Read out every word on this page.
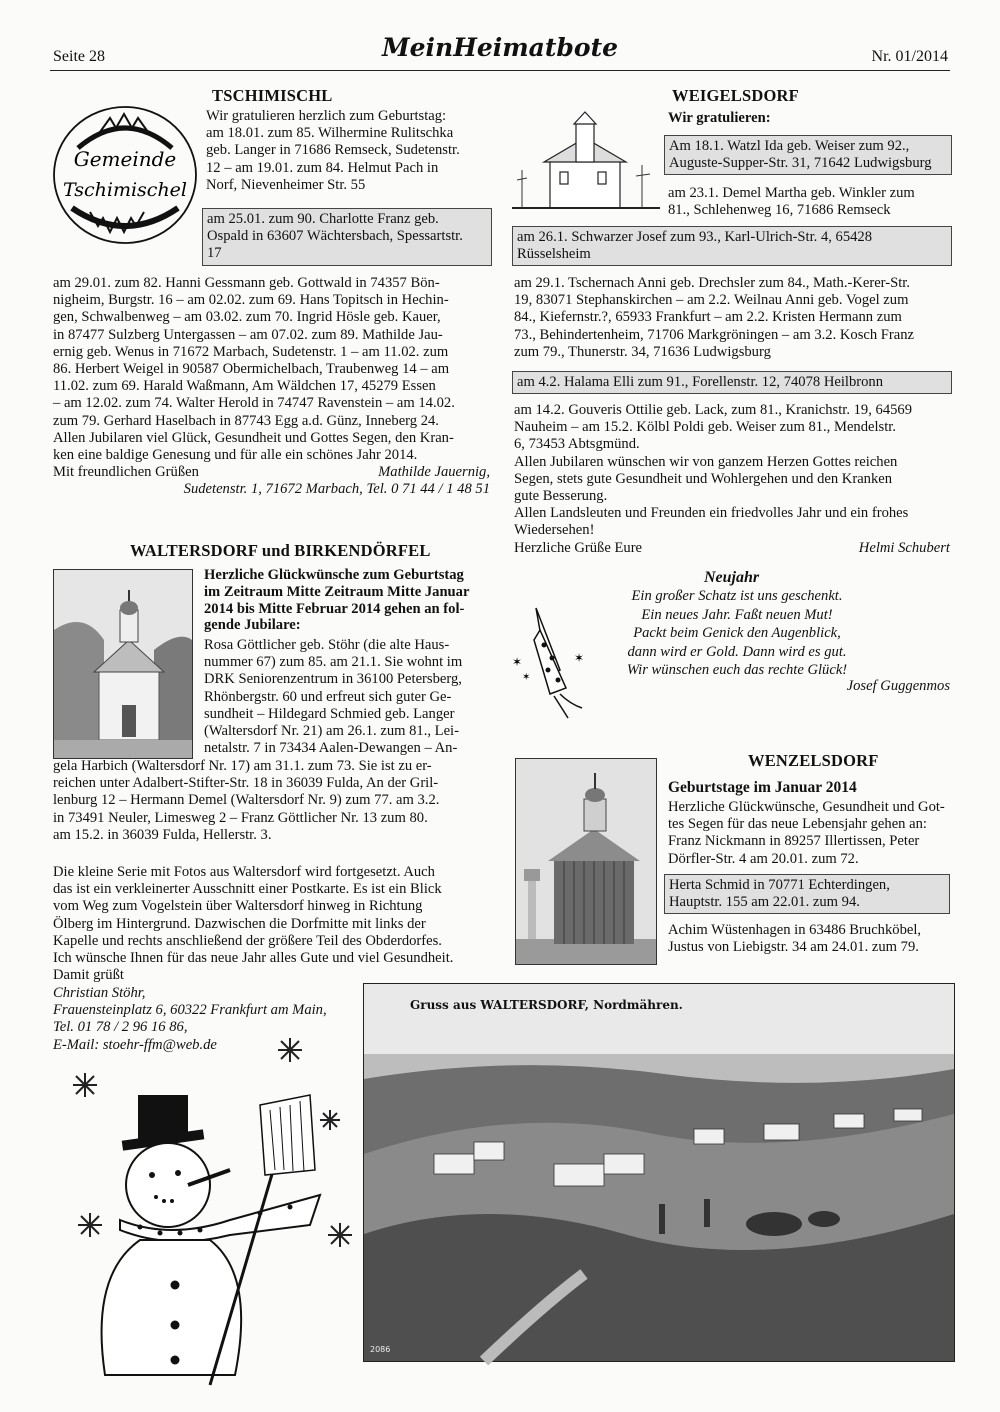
Seite 28	MeinHeimatbote	Nr. 01/2014
TSCHIMISCHL
Gemeinde
Tschimischel

Wir gratulieren herzlich zum Geburtstag:

am 18.01. zum 85. Wilhermine Rulitschka

geb. Langer in 71686 Remseck, Sudetenstr.

12 – am 19.01. zum 84. Helmut Pach in

Norf, Nievenheimer Str. 55

am 25.01. zum 90. Charlotte Franz geb.

Ospald in 63607 Wächtersbach, Spessartstr.

17

am 29.01. zum 82. Hanni Gessmann geb. Gottwald in 74357 Bön-

nigheim, Burgstr. 16 – am 02.02. zum 69. Hans Topitsch in Hechin-

gen, Schwalbenweg – am 03.02. zum 70. Ingrid Hösle geb. Kauer,

in 87477 Sulzberg Untergassen – am 07.02. zum 89. Mathilde Jau-

ernig geb. Wenus in 71672 Marbach, Sudetenstr. 1 – am 11.02. zum

86. Herbert Weigel in 90587 Obermichelbach, Traubenweg 14 – am

11.02. zum 69. Harald Waßmann, Am Wäldchen 17, 45279 Essen

– am 12.02. zum 74. Walter Herold in 74747 Ravenstein – am 14.02.

zum 79. Gerhard Haselbach in 87743 Egg a.d. Günz, Inneberg 24.

Allen Jubilaren viel Glück, Gesundheit und Gottes Segen, den Kran-

ken eine baldige Genesung und für alle ein schönes Jahr 2014.

Mit freundlichen Grüßen	Mathilde Jauernig,

Sudetenstr. 1, 71672 Marbach, Tel. 0 71 44 / 1 48 51

WALTERSDORF und BIRKENDÖRFEL

Herzliche Glückwünsche zum Geburtstag

im Zeitraum Mitte Zeitraum Mitte Januar

2014 bis Mitte Februar 2014 gehen an fol-

gende Jubilare:

Rosa Göttlicher geb. Stöhr (die alte Haus-

nummer 67) zum 85. am 21.1. Sie wohnt im

DRK Seniorenzentrum in 36100 Petersberg,

Rhönbergstr. 60 und erfreut sich guter Ge-

sundheit – Hildegard Schmied geb. Langer

(Waltersdorf Nr. 21) am 26.1. zum 81., Lei-

netalstr. 7 in 73434 Aalen-Dewangen – An-

gela Harbich (Waltersdorf Nr. 17) am 31.1. zum 73. Sie ist zu er-

reichen unter Adalbert-Stifter-Str. 18 in 36039 Fulda, An der Gril-

lenburg 12 – Hermann Demel (Waltersdorf Nr. 9) zum 77. am 3.2.

in 73491 Neuler, Limesweg 2 – Franz Göttlicher Nr. 13 zum 80.

am 15.2. in 36039 Fulda, Hellerstr. 3.

Die kleine Serie mit Fotos aus Waltersdorf wird fortgesetzt. Auch

das ist ein verkleinerter Ausschnitt einer Postkarte. Es ist ein Blick

vom Weg zum Vogelstein über Waltersdorf hinweg in Richtung

Ölberg im Hintergrund. Dazwischen die Dorfmitte mit links der

Kapelle und rechts anschließend der größere Teil des Obderdorfes.

Ich wünsche Ihnen für das neue Jahr alles Gute und viel Gesundheit.

Damit grüßt

Christian Stöhr,

Frauensteinplatz 6, 60322 Frankfurt am Main,

Tel. 01 78 / 2 96 16 86,

E-Mail: stoehr-ffm@web.de

WEIGELSDORF
Wir gratulieren:

Am 18.1. Watzl Ida geb. Weiser zum 92.,

Auguste-Supper-Str. 31, 71642 Ludwigsburg

am 23.1. Demel Martha geb. Winkler zum

81., Schlehenweg 16, 71686 Remseck

am 26.1. Schwarzer Josef zum 93., Karl-Ulrich-Str. 4, 65428

Rüsselsheim

am 29.1. Tschernach Anni geb. Drechsler zum 84., Math.-Kerer-Str.

19, 83071 Stephanskirchen – am 2.2. Weilnau Anni geb. Vogel zum

84., Kiefernstr.?, 65933 Frankfurt – am 2.2. Kristen Hermann zum

73., Behindertenheim, 71706 Markgröningen – am 3.2. Kosch Franz

zum 79., Thunerstr. 34, 71636 Ludwigsburg

am 4.2. Halama Elli zum 91., Forellenstr. 12, 74078 Heilbronn

am 14.2. Gouveris Ottilie geb. Lack, zum 81., Kranichstr. 19, 64569

Nauheim – am 15.2. Kölbl Poldi geb. Weiser zum 81., Mendelstr.

6, 73453 Abtsgmünd.

Allen Jubilaren wünschen wir von ganzem Herzen Gottes reichen

Segen, stets gute Gesundheit und Wohlergehen und den Kranken

gute Besserung.

Allen Landsleuten und Freunden ein friedvolles Jahr und ein frohes

Wiedersehen!

Herzliche Grüße Eure	Helmi Schubert

Neujahr
✶	✶
✶

Ein großer Schatz ist uns geschenkt.

Ein neues Jahr. Faßt neuen Mut!

Packt beim Genick den Augenblick,

dann wird er Gold. Dann wird es gut.

Wir wünschen euch das rechte Glück!

Josef Guggenmos
WENZELSDORF
Geburtstage im Januar 2014

Herzliche Glückwünsche, Gesundheit und Got-

tes Segen für das neue Lebensjahr gehen an:

Franz Nickmann in 89257 Illertissen, Peter

Dörfler-Str. 4 am 20.01. zum 72.

Herta Schmid in 70771 Echterdingen,

Hauptstr. 155 am 22.01. zum 94.

Achim Wüstenhagen in 63486 Bruchköbel,

Justus von Liebigstr. 34 am 24.01. zum 79.

Gruss aus WALTERSDORF, Nordmähren.
2086
